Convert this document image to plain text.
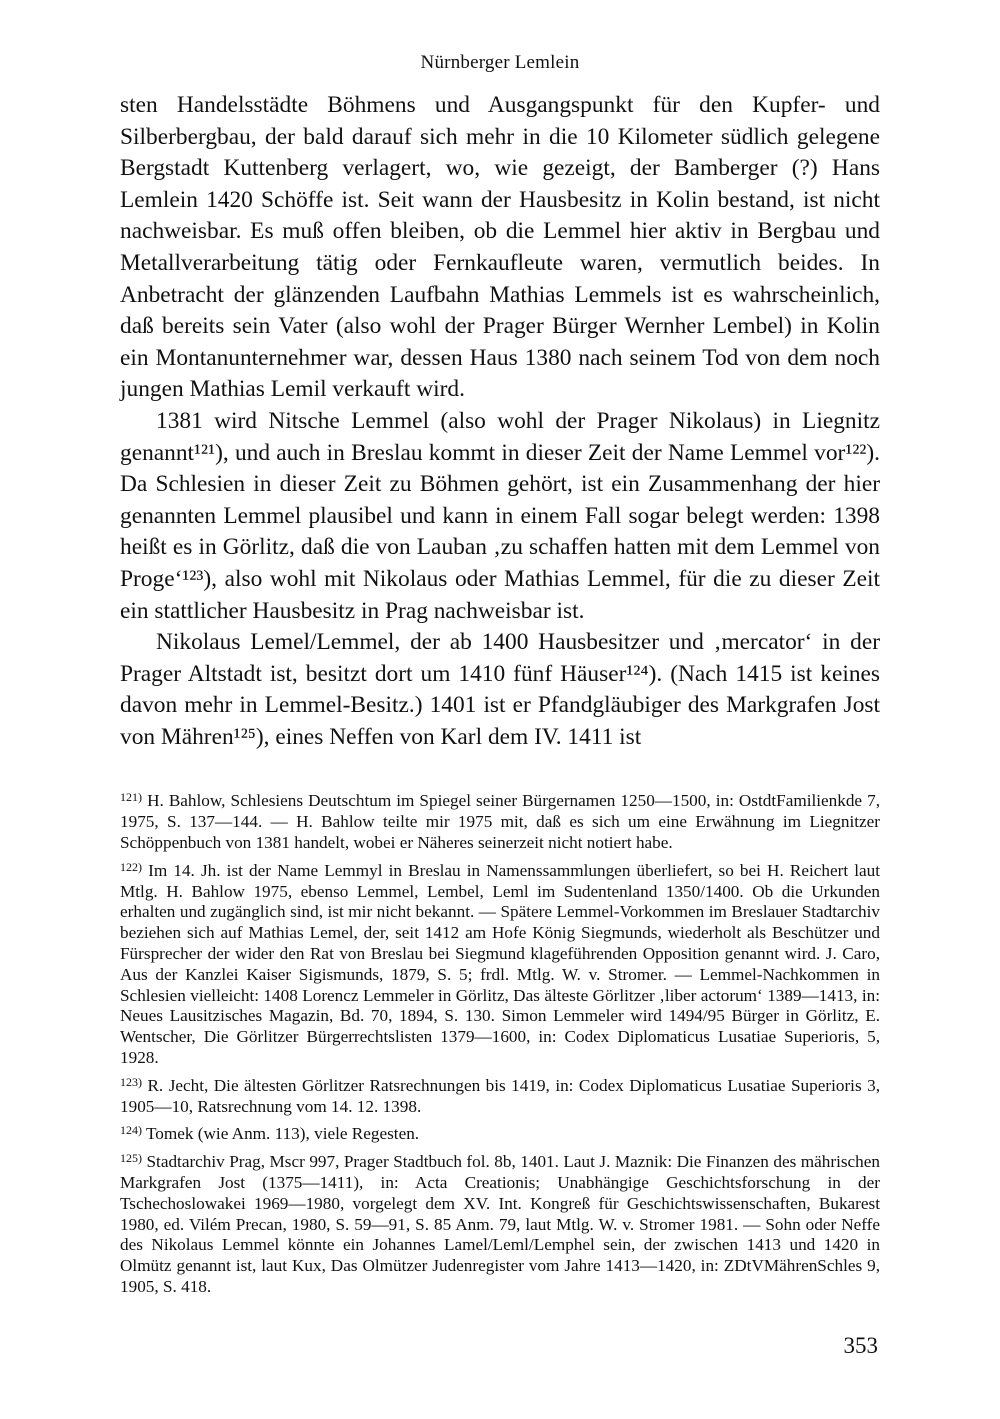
Nürnberger Lemlein

sten Handelsstädte Böhmens und Ausgangspunkt für den Kupfer- und Silberbergbau, der bald darauf sich mehr in die 10 Kilometer südlich gelegene Bergstadt Kuttenberg verlagert, wo, wie gezeigt, der Bamberger (?) Hans Lemlein 1420 Schöffe ist. Seit wann der Hausbesitz in Kolin bestand, ist nicht nachweisbar. Es muß offen bleiben, ob die Lemmel hier aktiv in Bergbau und Metallverarbeitung tätig oder Fernkaufleute waren, vermutlich beides. In Anbetracht der glänzenden Laufbahn Mathias Lemmels ist es wahrscheinlich, daß bereits sein Vater (also wohl der Prager Bürger Wernher Lembel) in Kolin ein Montanunternehmer war, dessen Haus 1380 nach seinem Tod von dem noch jungen Mathias Lemil verkauft wird.

1381 wird Nitsche Lemmel (also wohl der Prager Nikolaus) in Liegnitz genannt¹²¹), und auch in Breslau kommt in dieser Zeit der Name Lemmel vor¹²²). Da Schlesien in dieser Zeit zu Böhmen gehört, ist ein Zusammenhang der hier genannten Lemmel plausibel und kann in einem Fall sogar belegt werden: 1398 heißt es in Görlitz, daß die von Lauban ‚zu schaffen hatten mit dem Lemmel von Proge‘¹²³), also wohl mit Nikolaus oder Mathias Lemmel, für die zu dieser Zeit ein stattlicher Hausbesitz in Prag nachweisbar ist.

Nikolaus Lemel/Lemmel, der ab 1400 Hausbesitzer und ‚mercator‘ in der Prager Altstadt ist, besitzt dort um 1410 fünf Häuser¹²⁴). (Nach 1415 ist keines davon mehr in Lemmel-Besitz.) 1401 ist er Pfandgläubiger des Markgrafen Jost von Mähren¹²⁵), eines Neffen von Karl dem IV. 1411 ist

$^{121)}$ H. Bahlow, Schlesiens Deutschtum im Spiegel seiner Bürgernamen 1250—1500, in: OstdtFamilienkde 7, 1975, S. 137—144. — H. Bahlow teilte mir 1975 mit, daß es sich um eine Erwähnung im Liegnitzer Schöppenbuch von 1381 handelt, wobei er Näheres seinerzeit nicht notiert habe.

$^{122)}$ Im 14. Jh. ist der Name Lemmyl in Breslau in Namenssammlungen überliefert, so bei H. Reichert laut Mtlg. H. Bahlow 1975, ebenso Lemmel, Lembel, Leml im Sudentenland 1350/1400. Ob die Urkunden erhalten und zugänglich sind, ist mir nicht bekannt. — Spätere Lemmel-Vorkommen im Breslauer Stadtarchiv beziehen sich auf Mathias Lemel, der, seit 1412 am Hofe König Siegmunds, wiederholt als Beschützer und Fürsprecher der wider den Rat von Breslau bei Siegmund klageführenden Opposition genannt wird. J. Caro, Aus der Kanzlei Kaiser Sigismunds, 1879, S. 5; frdl. Mtlg. W. v. Stromer. — Lemmel-Nachkommen in Schlesien vielleicht: 1408 Lorencz Lemmeler in Görlitz, Das älteste Görlitzer ‚liber actorum‘ 1389—1413, in: Neues Lausitzisches Magazin, Bd. 70, 1894, S. 130. Simon Lemmeler wird 1494/95 Bürger in Görlitz, E. Wentscher, Die Görlitzer Bürgerrechtslisten 1379—1600, in: Codex Diplomaticus Lusatiae Superioris, 5, 1928.

$^{123)}$ R. Jecht, Die ältesten Görlitzer Ratsrechnungen bis 1419, in: Codex Diplomaticus Lusatiae Superioris 3, 1905—10, Ratsrechnung vom 14. 12. 1398.

$^{124)}$ Tomek (wie Anm. 113), viele Regesten.

$^{125)}$ Stadtarchiv Prag, Mscr 997, Prager Stadtbuch fol. 8b, 1401. Laut J. Maznik: Die Finanzen des mährischen Markgrafen Jost (1375—1411), in: Acta Creationis; Unabhängige Geschichtsforschung in der Tschechoslowakei 1969—1980, vorgelegt dem XV. Int. Kongreß für Geschichtswissenschaften, Bukarest 1980, ed. Vilém Precan, 1980, S. 59—91, S. 85 Anm. 79, laut Mtlg. W. v. Stromer 1981. — Sohn oder Neffe des Nikolaus Lemmel könnte ein Johannes Lamel/Leml/Lemphel sein, der zwischen 1413 und 1420 in Olmütz genannt ist, laut Kux, Das Olmützer Judenregister vom Jahre 1413—1420, in: ZDtVMährenSchles 9, 1905, S. 418.

353
